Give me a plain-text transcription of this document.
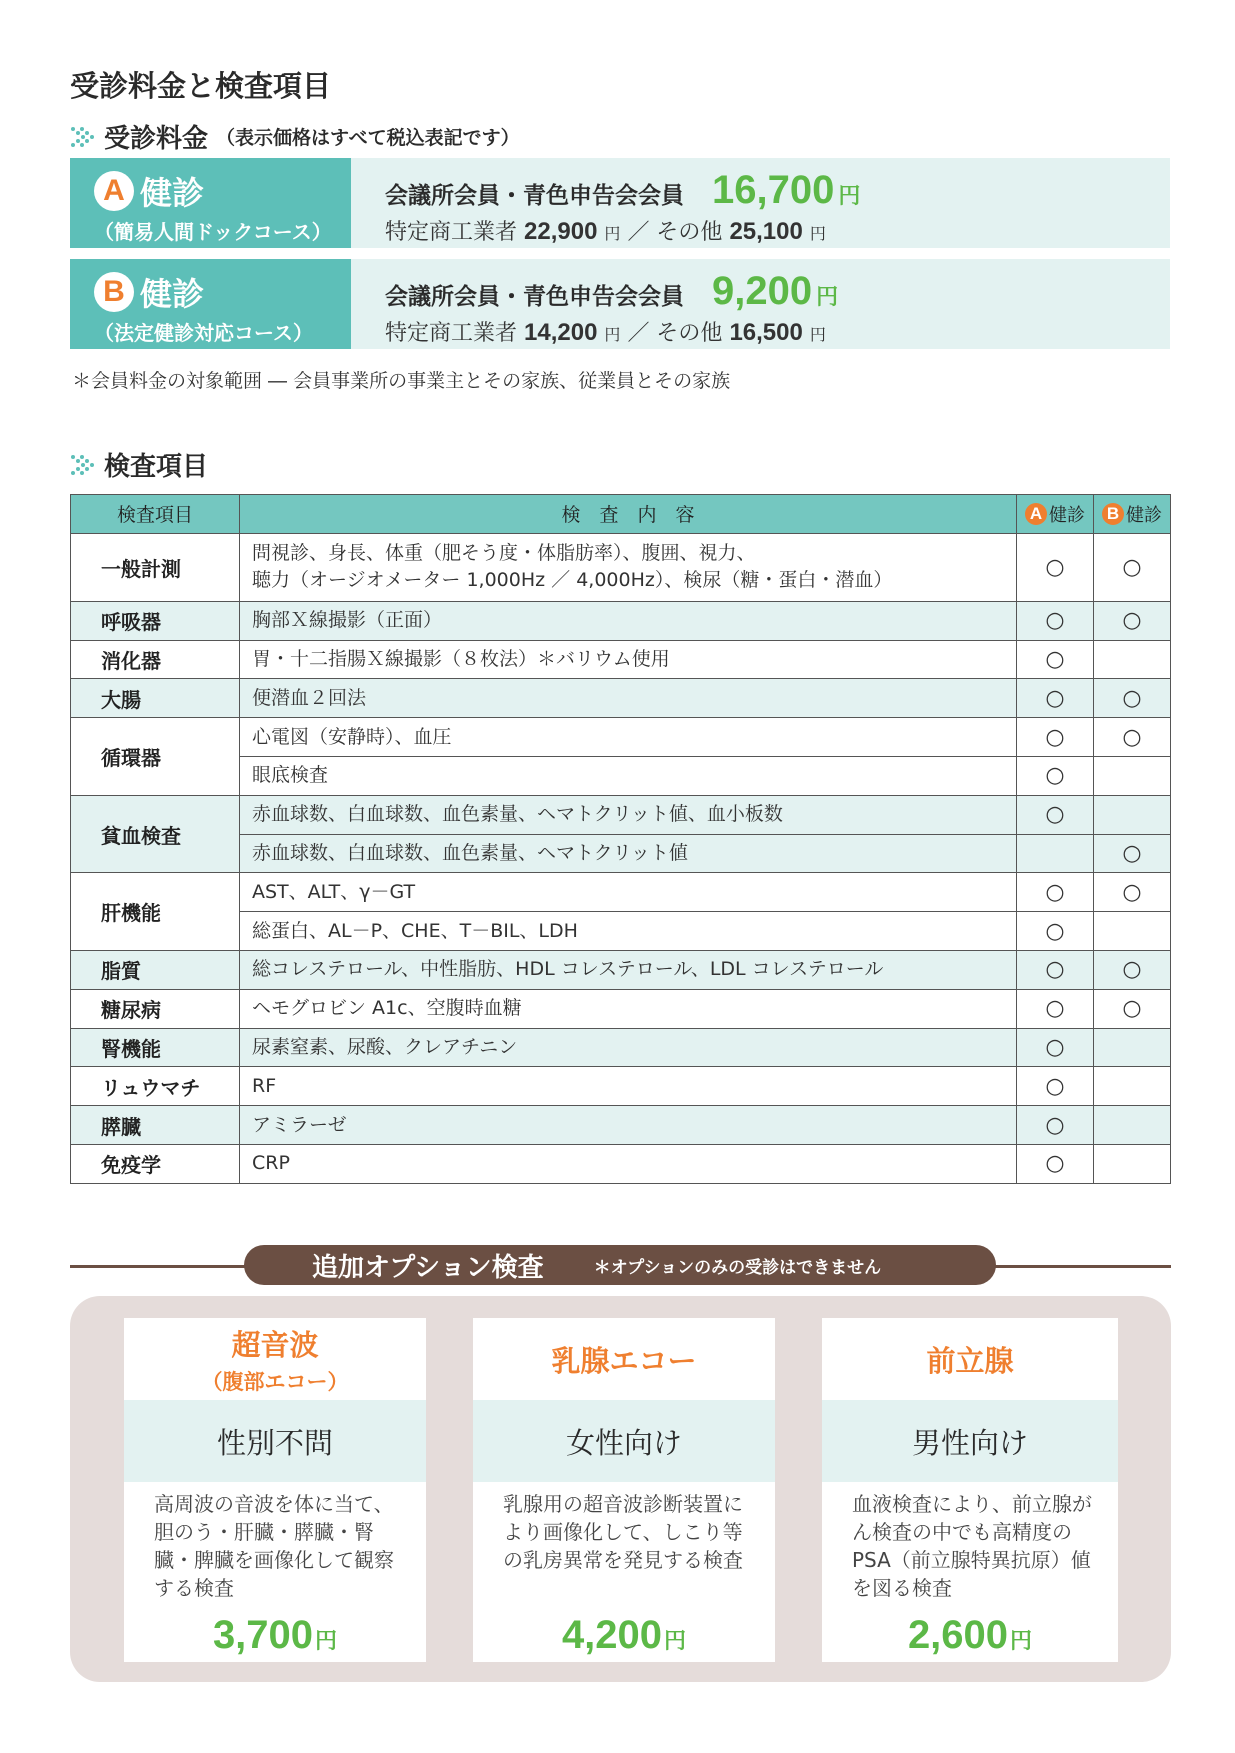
受診料金と検査項目
受診料金 （表示価格はすべて税込表記です）
A 健診
（簡易人間ドックコース）
会議所会員・青色申告会会員 16,700 円
特定商工業者 22,900 円 ／ その他 25,100 円
B 健診
（法定健診対応コース）
会議所会員・青色申告会会員 9,200 円
特定商工業者 14,200 円 ／ その他 16,500 円
＊会員料金の対象範囲 ― 会員事業所の事業主とその家族、従業員とその家族
検査項目
検査項目	検　査　内　容	A 健診	B 健診

一般計測	問視診、身長、体重（肥そう度・体脂肪率）、腹囲、視力、
聴力（オージオメーター 1,000Hz ／ 4,000Hz）、検尿（糖・蛋白・潜血）	○	○
呼吸器	胸部Ｘ線撮影（正面）	○	○
消化器	胃・十二指腸Ｘ線撮影（８枚法）＊バリウム使用	○	
大腸	便潜血２回法	○	○
循環器	心電図（安静時）、血圧	○	○
	眼底検査	○	
貧血検査	赤血球数、白血球数、血色素量、ヘマトクリット値、血小板数	○	
	赤血球数、白血球数、血色素量、ヘマトクリット値		○
肝機能	AST、ALT、γ－GT	○	○
	総蛋白、AL－P、CHE、T－BIL、LDH	○	
脂質	総コレステロール、中性脂肪、HDL コレステロール、LDL コレステロール	○	○
糖尿病	ヘモグロビン A1c、空腹時血糖	○	○
腎機能	尿素窒素、尿酸、クレアチニン	○	
リュウマチ	RF	○	
膵臓	アミラーゼ	○	
免疫学	CRP	○	
追加オプション検査	＊オプションのみの受診はできません
超音波
（腹部エコー）
性別不問
高周波の音波を体に当て、胆のう・肝臓・膵臓・腎臓・脾臓を画像化して観察する検査
3,700円
乳腺エコー
女性向け
乳腺用の超音波診断装置により画像化して、しこり等の乳房異常を発見する検査
4,200円
前立腺
男性向け
血液検査により、前立腺がん検査の中でも高精度の PSA（前立腺特異抗原）値を図る検査
2,600円
